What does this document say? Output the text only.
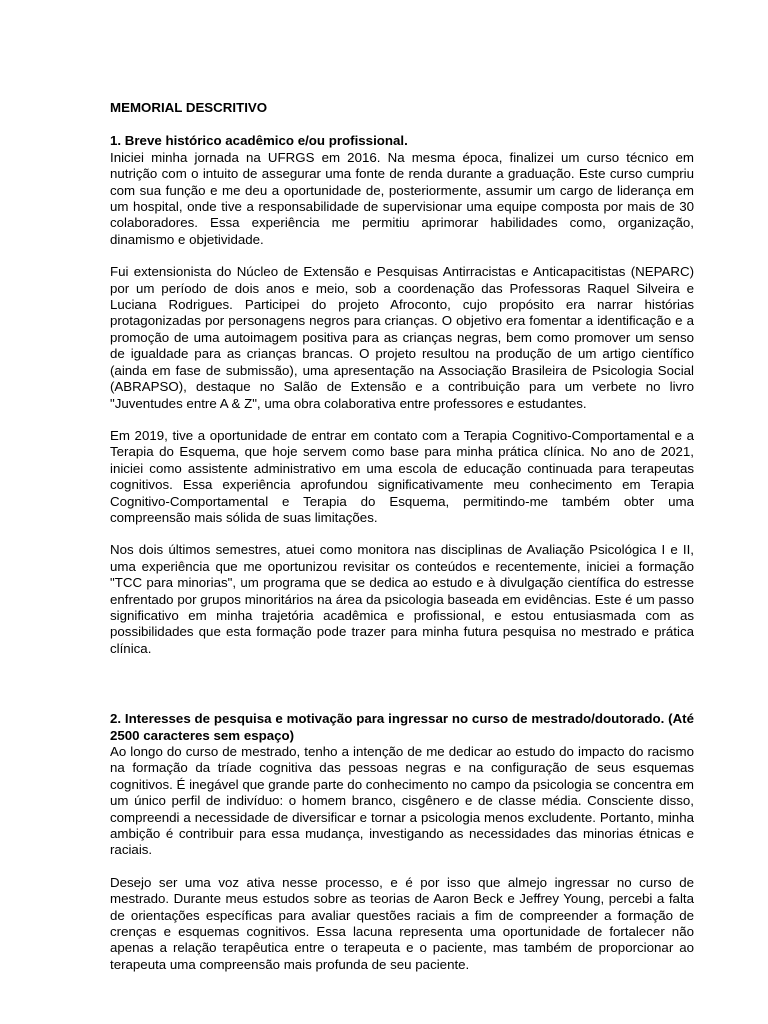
MEMORIAL DESCRITIVO

1. Breve histórico acadêmico e/ou profissional.

Iniciei minha jornada na UFRGS em 2016. Na mesma época, finalizei um curso técnico em nutrição com o intuito de assegurar uma fonte de renda durante a graduação. Este curso cumpriu com sua função e me deu a oportunidade de, posteriormente, assumir um cargo de liderança em um hospital, onde tive a responsabilidade de supervisionar uma equipe composta por mais de 30 colaboradores. Essa experiência me permitiu aprimorar habilidades como, organização, dinamismo e objetividade.

Fui extensionista do Núcleo de Extensão e Pesquisas Antirracistas e Anticapacitistas (NEPARC) por um período de dois anos e meio, sob a coordenação das Professoras Raquel Silveira e Luciana Rodrigues. Participei do projeto Afroconto, cujo propósito era narrar histórias protagonizadas por personagens negros para crianças. O objetivo era fomentar a identificação e a promoção de uma autoimagem positiva para as crianças negras, bem como promover um senso de igualdade para as crianças brancas. O projeto resultou na produção de um artigo científico (ainda em fase de submissão), uma apresentação na Associação Brasileira de Psicologia Social (ABRAPSO), destaque no Salão de Extensão e a contribuição para um verbete no livro "Juventudes entre A & Z", uma obra colaborativa entre professores e estudantes.

Em 2019, tive a oportunidade de entrar em contato com a Terapia Cognitivo-Comportamental e a Terapia do Esquema, que hoje servem como base para minha prática clínica. No ano de 2021, iniciei como assistente administrativo em uma escola de educação continuada para terapeutas cognitivos. Essa experiência aprofundou significativamente meu conhecimento em Terapia Cognitivo-Comportamental e Terapia do Esquema, permitindo-me também obter uma compreensão mais sólida de suas limitações.

Nos dois últimos semestres, atuei como monitora nas disciplinas de Avaliação Psicológica I e II, uma experiência que me oportunizou revisitar os conteúdos e recentemente, iniciei a formação "TCC para minorias", um programa que se dedica ao estudo e à divulgação científica do estresse enfrentado por grupos minoritários na área da psicologia baseada em evidências. Este é um passo significativo em minha trajetória acadêmica e profissional, e estou entusiasmada com as possibilidades que esta formação pode trazer para minha futura pesquisa no mestrado e prática clínica.

2. Interesses de pesquisa e motivação para ingressar no curso de mestrado/doutorado. (Até 2500 caracteres sem espaço)

Ao longo do curso de mestrado, tenho a intenção de me dedicar ao estudo do impacto do racismo na formação da tríade cognitiva das pessoas negras e na configuração de seus esquemas cognitivos. É inegável que grande parte do conhecimento no campo da psicologia se concentra em um único perfil de indivíduo: o homem branco, cisgênero e de classe média. Consciente disso, compreendi a necessidade de diversificar e tornar a psicologia menos excludente. Portanto, minha ambição é contribuir para essa mudança, investigando as necessidades das minorias étnicas e raciais.

Desejo ser uma voz ativa nesse processo, e é por isso que almejo ingressar no curso de mestrado. Durante meus estudos sobre as teorias de Aaron Beck e Jeffrey Young, percebi a falta de orientações específicas para avaliar questões raciais a fim de compreender a formação de crenças e esquemas cognitivos. Essa lacuna representa uma oportunidade de fortalecer não apenas a relação terapêutica entre o terapeuta e o paciente, mas também de proporcionar ao terapeuta uma compreensão mais profunda de seu paciente.
